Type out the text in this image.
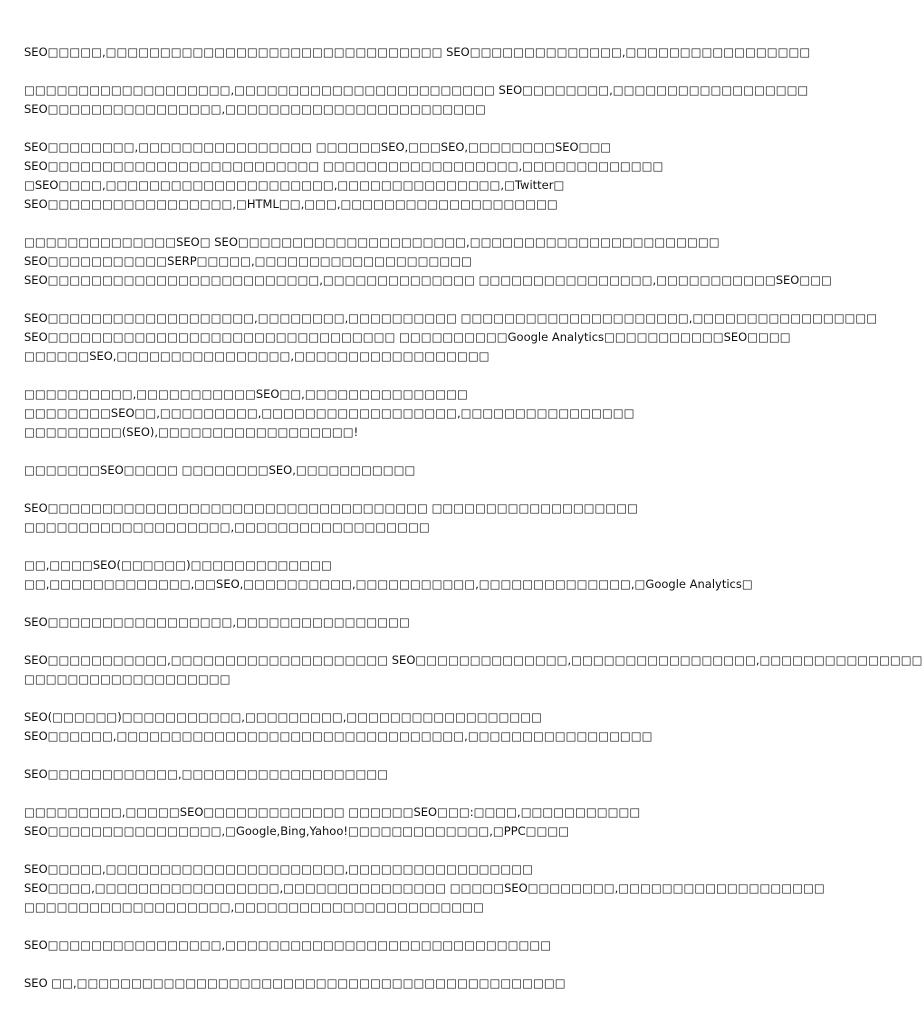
SEO□□□□□,□□□□□□□□□□□□□□□□□□□□□□□□□□□□□□□ SEO□□□□□□□□□□□□□□,□□□□□□□□□□□□□□□□□
□□□□□□□□□□□□□□□□□□□,□□□□□□□□□□□□□□□□□□□□□□□□ SEO□□□□□□□□,□□□□□□□□□□□□□□□□□□
SEO□□□□□□□□□□□□□□□□,□□□□□□□□□□□□□□□□□□□□□□□□
SEO□□□□□□□□,□□□□□□□□□□□□□□□□ □□□□□□SEO,□□□SEO,□□□□□□□□SEO□□□
SEO□□□□□□□□□□□□□□□□□□□□□□□□□ □□□□□□□□□□□□□□□□□□,□□□□□□□□□□□□□
□SEO□□□□,□□□□□□□□□□□□□□□□□□□□□,□□□□□□□□□□□□□□□,□Twitter□
SEO□□□□□□□□□□□□□□□□□,□HTML□□,□□□,□□□□□□□□□□□□□□□□□□□□
□□□□□□□□□□□□□□SEO□ SEO□□□□□□□□□□□□□□□□□□□□□,□□□□□□□□□□□□□□□□□□□□□□□
SEO□□□□□□□□□□□SERP□□□□□,□□□□□□□□□□□□□□□□□□□□
SEO□□□□□□□□□□□□□□□□□□□□□□□□□,□□□□□□□□□□□□□□ □□□□□□□□□□□□□□□□,□□□□□□□□□□□SEO□□□
SEO□□□□□□□□□□□□□□□□□□□,□□□□□□□□,□□□□□□□□□□ □□□□□□□□□□□□□□□□□□□□□,□□□□□□□□□□□□□□□□□
SEO□□□□□□□□□□□□□□□□□□□□□□□□□□□□□□□□ □□□□□□□□□□Google Analytics□□□□□□□□□□□SEO□□□□
□□□□□□SEO,□□□□□□□□□□□□□□□□,□□□□□□□□□□□□□□□□□□
□□□□□□□□□□,□□□□□□□□□□□SEO□□,□□□□□□□□□□□□□□□
□□□□□□□□SEO□□,□□□□□□□□□,□□□□□□□□□□□□□□□□□□,□□□□□□□□□□□□□□□□
□□□□□□□□□(SEO),□□□□□□□□□□□□□□□□□□!
□□□□□□□SEO□□□□□ □□□□□□□□SEO,□□□□□□□□□□□
SEO□□□□□□□□□□□□□□□□□□□□□□□□□□□□□□□□□□□ □□□□□□□□□□□□□□□□□□□
□□□□□□□□□□□□□□□□□□□,□□□□□□□□□□□□□□□□□□
□□,□□□□SEO(□□□□□□)□□□□□□□□□□□□□
□□,□□□□□□□□□□□□□,□□SEO,□□□□□□□□□□,□□□□□□□□□□□,□□□□□□□□□□□□□□,□Google Analytics□
SEO□□□□□□□□□□□□□□□□□,□□□□□□□□□□□□□□□□
SEO□□□□□□□□□□□,□□□□□□□□□□□□□□□□□□□□ SEO□□□□□□□□□□□□□□,□□□□□□□□□□□□□□□□□,□□□□□□□□□□□□□□□
□□□□□□□□□□□□□□□□□□□
SEO(□□□□□□)□□□□□□□□□□□,□□□□□□□□□,□□□□□□□□□□□□□□□□□□
SEO□□□□□□,□□□□□□□□□□□□□□□□□□□□□□□□□□□□□□□□,□□□□□□□□□□□□□□□□□
SEO□□□□□□□□□□□□,□□□□□□□□□□□□□□□□□□□
□□□□□□□□□,□□□□□SEO□□□□□□□□□□□□□ □□□□□□SEO□□□:□□□□,□□□□□□□□□□□
SEO□□□□□□□□□□□□□□□□,□Google,Bing,Yahoo!□□□□□□□□□□□□□,□PPC□□□□
SEO□□□□□,□□□□□□□□□□□□□□□□□□□□□□,□□□□□□□□□□□□□□□□□
SEO□□□□,□□□□□□□□□□□□□□□□□,□□□□□□□□□□□□□□□ □□□□□SEO□□□□□□□□,□□□□□□□□□□□□□□□□□□□
□□□□□□□□□□□□□□□□□□□,□□□□□□□□□□□□□□□□□□□□□□□
SEO□□□□□□□□□□□□□□□□,□□□□□□□□□□□□□□□□□□□□□□□□□□□□□□
SEO □□,□□□□□□□□□□□□□□□□□□□□□□□□□□□□□□□□□□□□□□□□□□□□□
